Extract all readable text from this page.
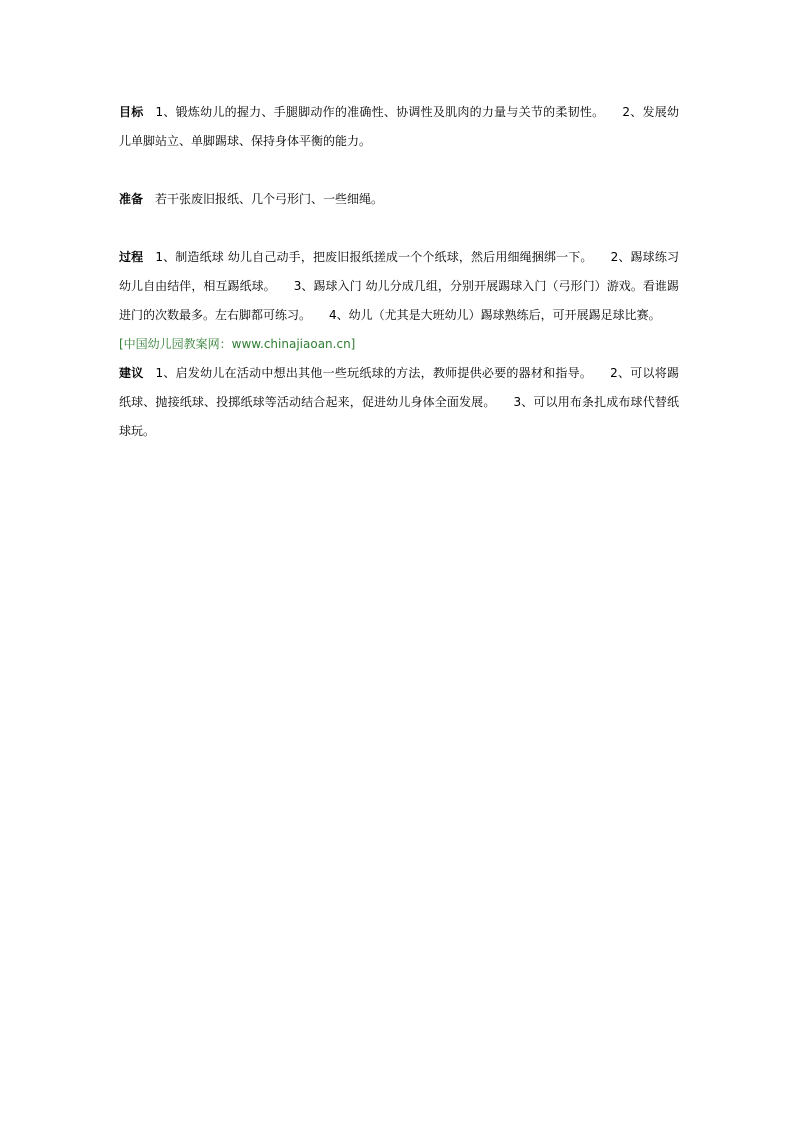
目标 1、锻炼幼儿的握力、手腿脚动作的准确性、协调性及肌肉的力量与关节的柔韧性。 2、发展幼儿单脚站立、单脚踢球、保持身体平衡的能力。

准备 若干张废旧报纸、几个弓形门、一些细绳。

过程 1、制造纸球 幼儿自己动手，把废旧报纸搓成一个个纸球，然后用细绳捆绑一下。 2、踢球练习 幼儿自由结伴，相互踢纸球。 3、踢球入门 幼儿分成几组，分别开展踢球入门（弓形门）游戏。看谁踢进门的次数最多。左右脚都可练习。 4、幼儿（尤其是大班幼儿）踢球熟练后，可开展踢足球比赛。

[中国幼儿园教案网：www.chinajiaoan.cn]

建议 1、启发幼儿在活动中想出其他一些玩纸球的方法，教师提供必要的器材和指导。 2、可以将踢纸球、抛接纸球、投掷纸球等活动结合起来，促进幼儿身体全面发展。 3、可以用布条扎成布球代替纸球玩。
